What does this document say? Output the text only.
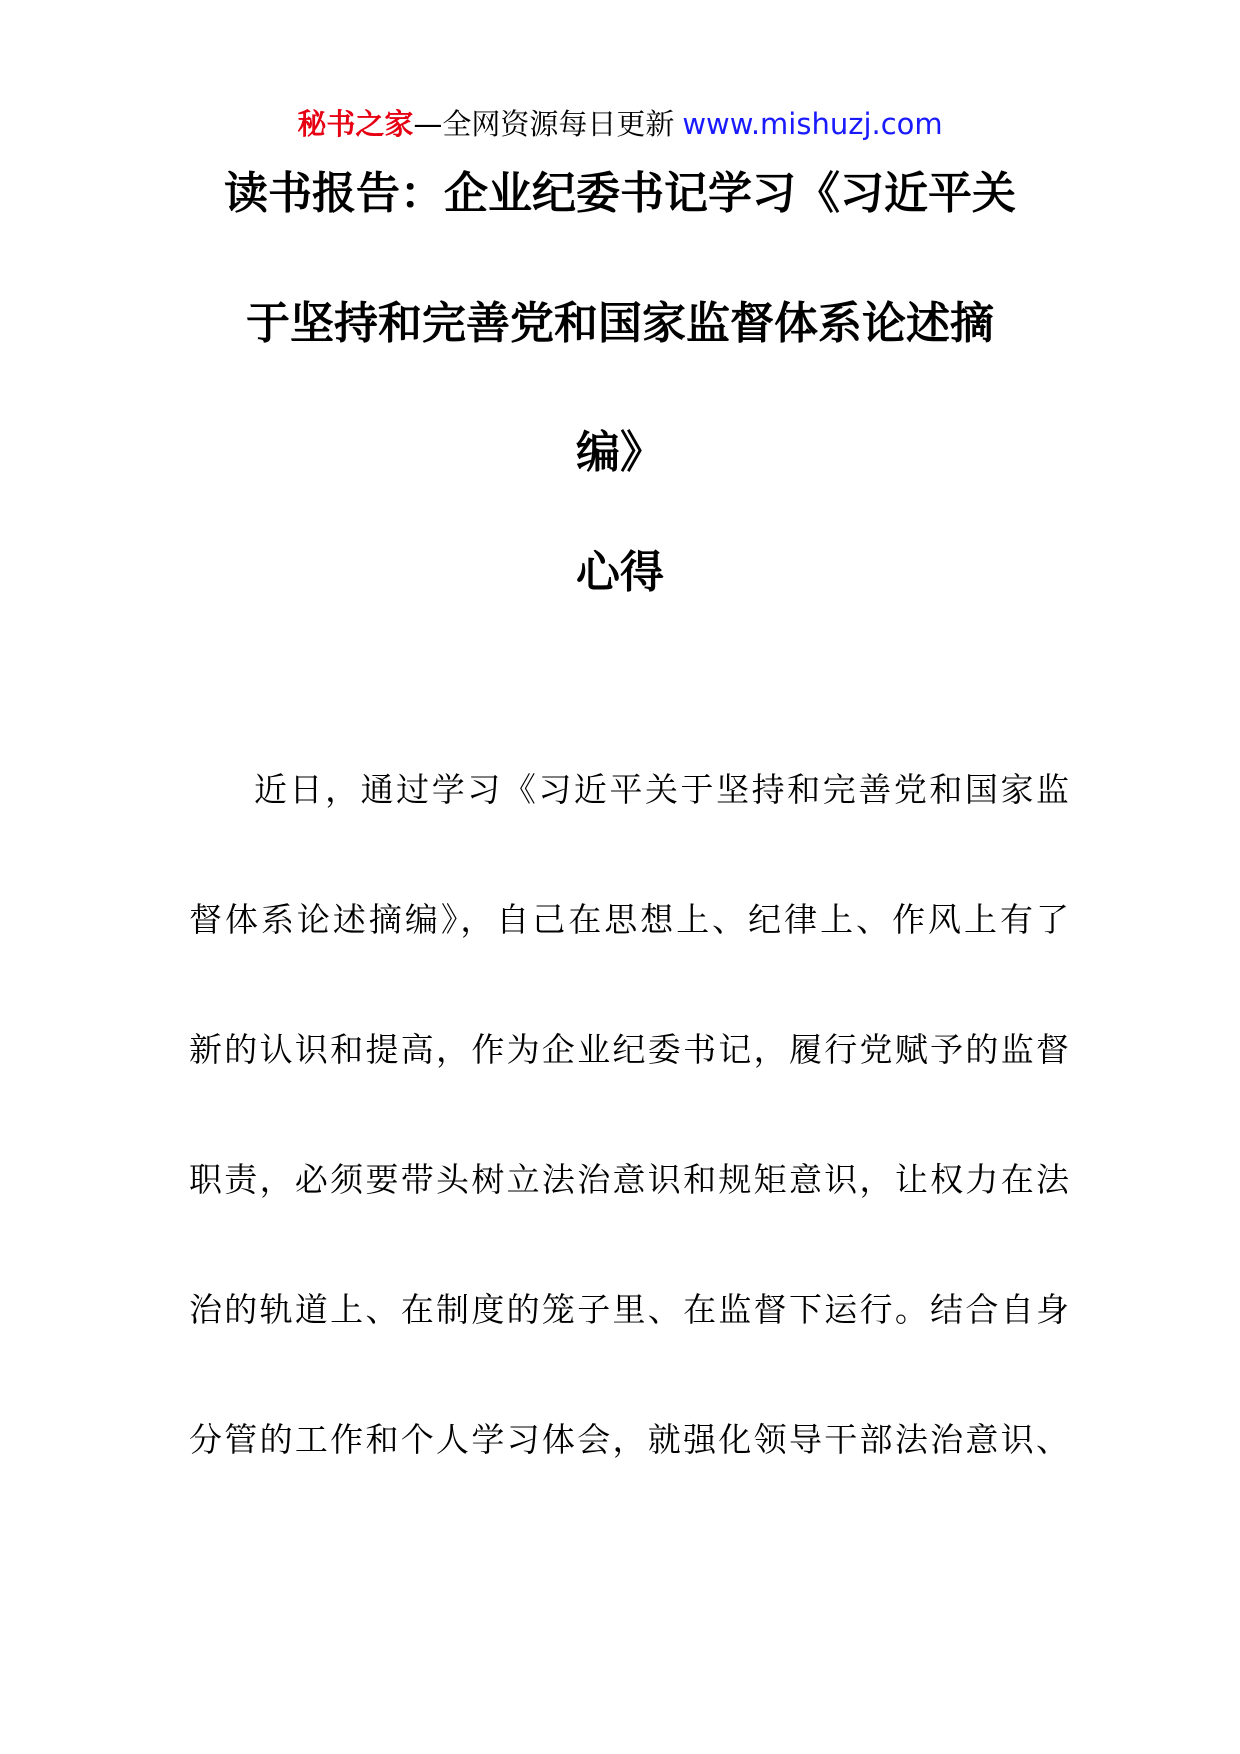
秘书之家—全网资源每日更新 www.mishuzj.com
读书报告：企业纪委书记学习《习近平关
于坚持和完善党和国家监督体系论述摘
编》
心得
近日，通过学习《习近平关于坚持和完善党和国家监
督体系论述摘编》，自己在思想上、纪律上、作风上有了
新的认识和提高，作为企业纪委书记，履行党赋予的监督
职责，必须要带头树立法治意识和规矩意识，让权力在法
治的轨道上、在制度的笼子里、在监督下运行。结合自身
分管的工作和个人学习体会，就强化领导干部法治意识、
